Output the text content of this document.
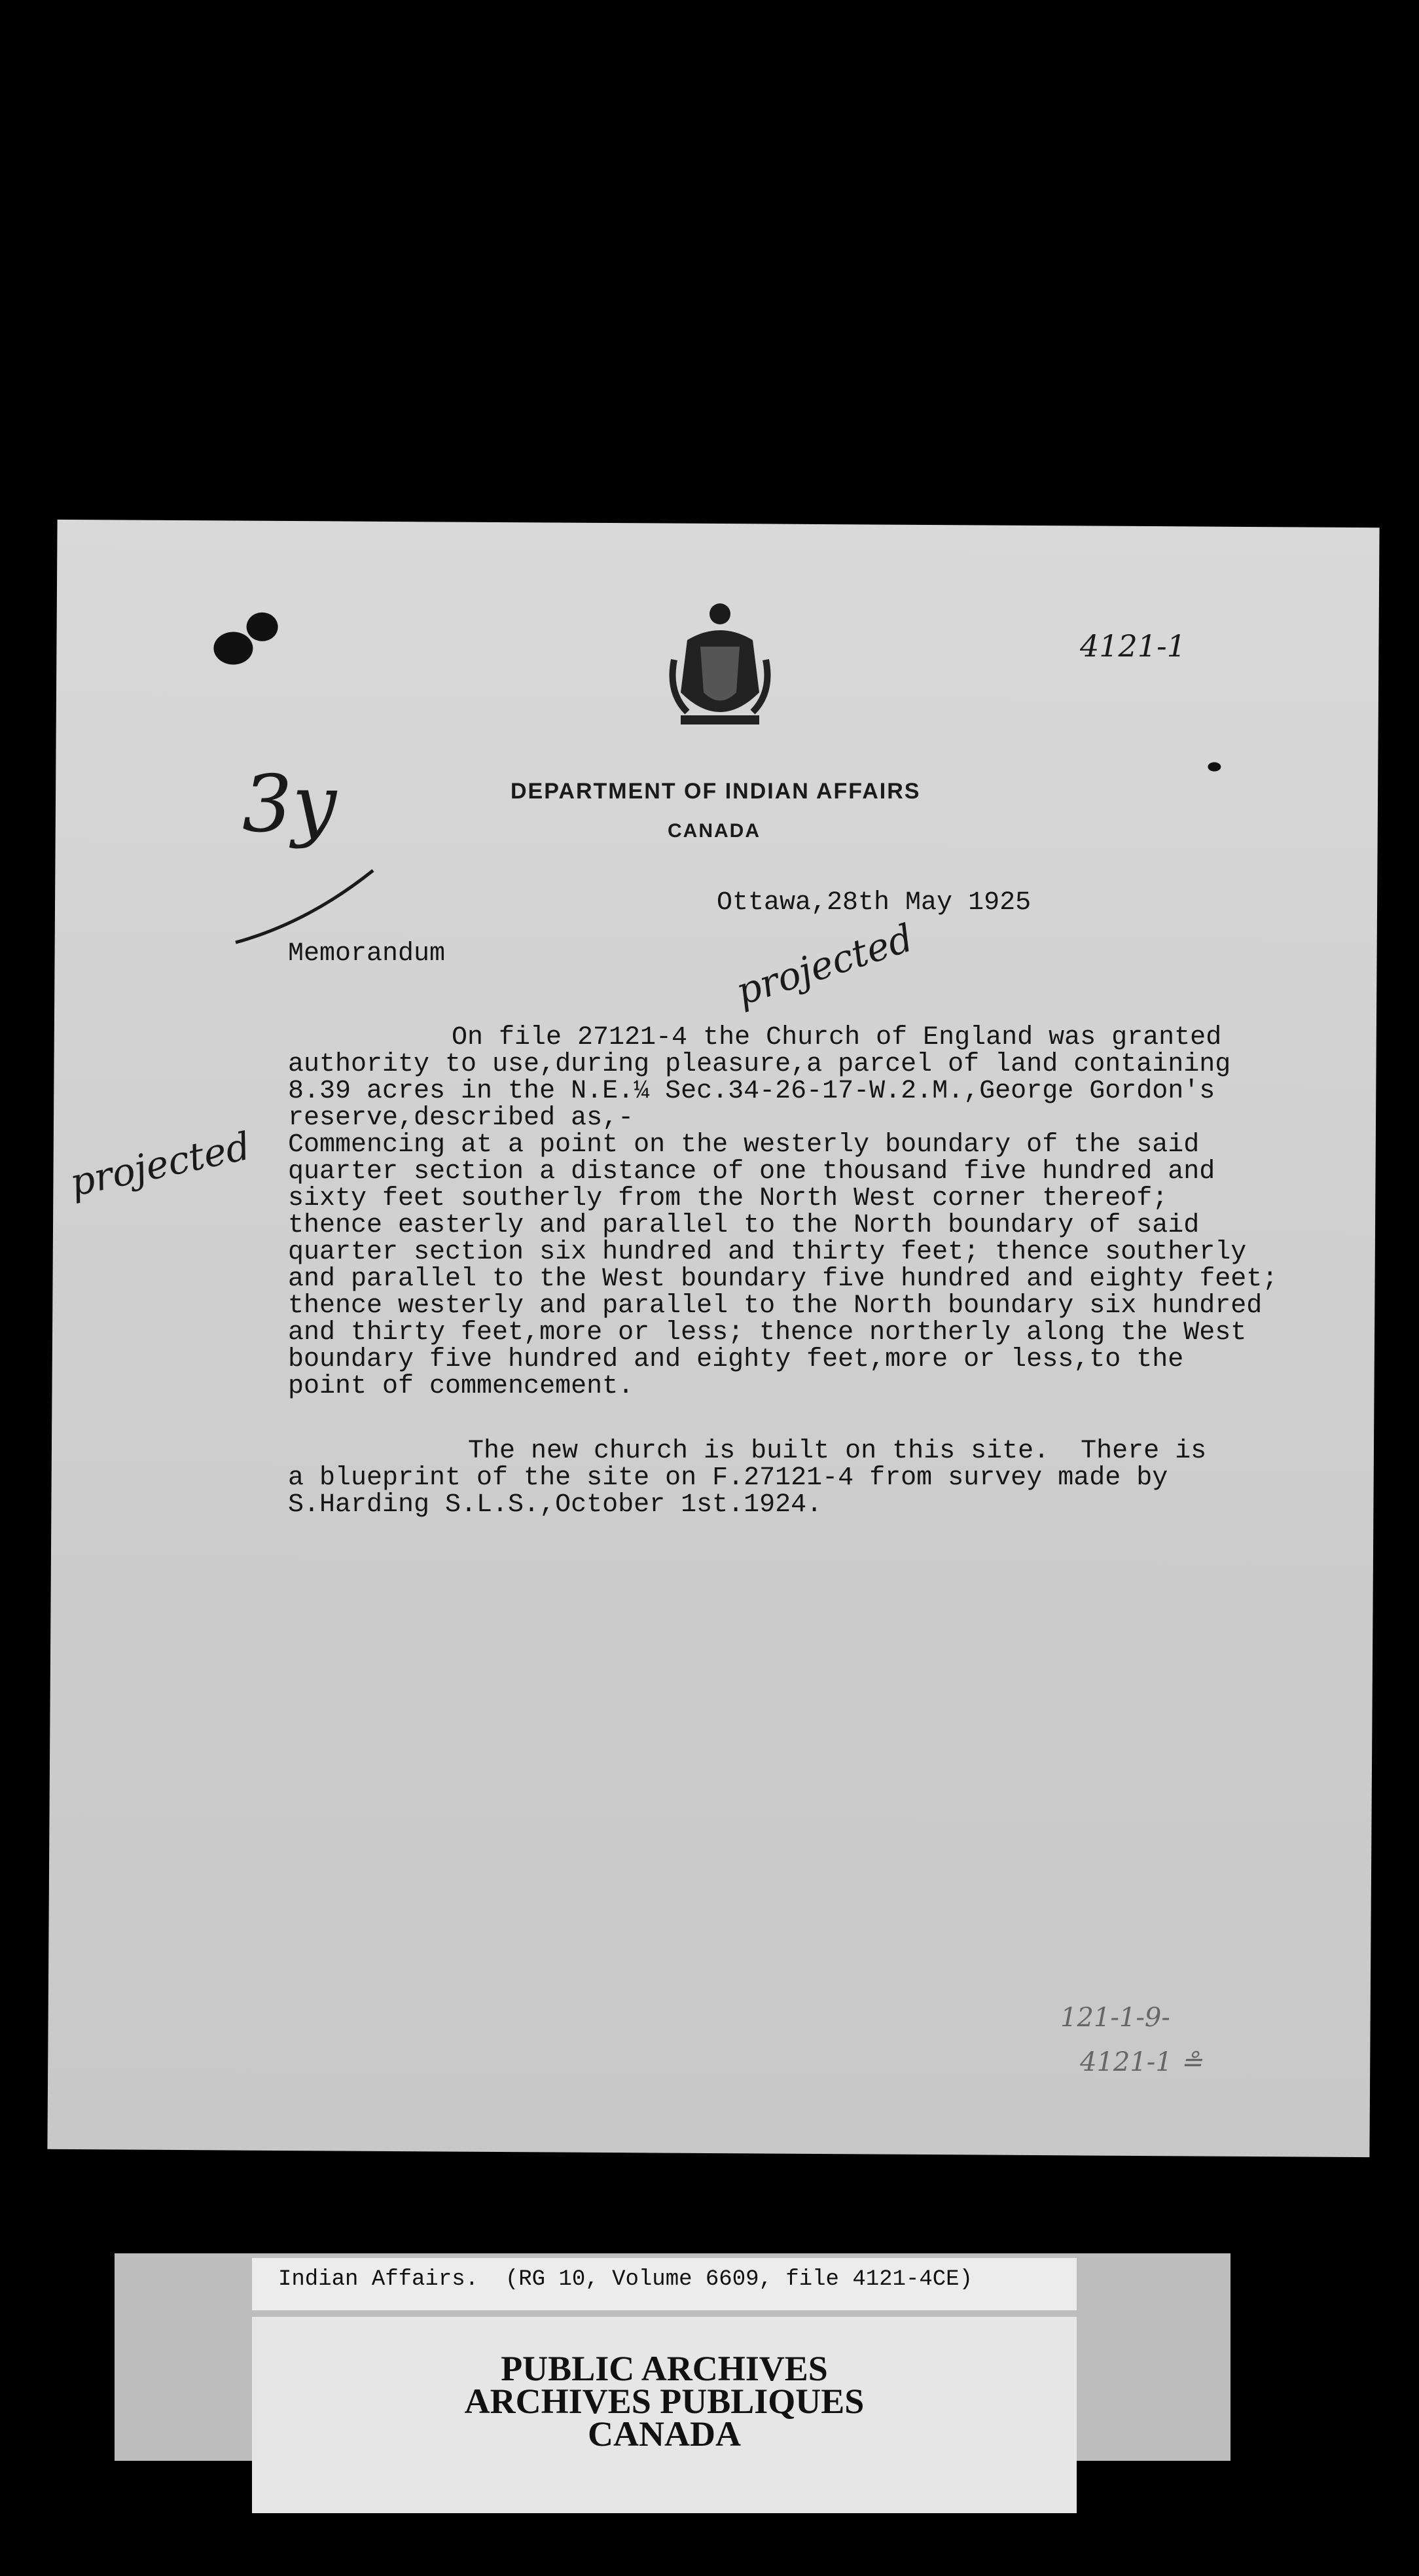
DEPARTMENT OF INDIAN AFFAIRS
CANADA
4121-1
3y
Ottawa,28th May 1925
Memorandum	projected
projected
On file 27121-4 the Church of England was granted
authority to use,during pleasure,a parcel of land containing
8.39 acres in the N.E.¼ Sec.34-26-17-W.2.M.,George Gordon's
reserve,described as,-
Commencing at a point on the westerly boundary of the said
quarter section a distance of one thousand five hundred and
sixty feet southerly from the North West corner thereof;
thence easterly and parallel to the North boundary of said
quarter section six hundred and thirty feet; thence southerly
and parallel to the West boundary five hundred and eighty feet;
thence westerly and parallel to the North boundary six hundred
and thirty feet,more or less; thence northerly along the West
boundary five hundred and eighty feet,more or less,to the
point of commencement.
The new church is built on this site.  There is
a blueprint of the site on F.27121-4 from survey made by
S.Harding S.L.S.,October 1st.1924.
121-1-9-
4121-1 ≗
Indian Affairs.  (RG 10, Volume 6609, file 4121-4CE)
PUBLIC ARCHIVES
ARCHIVES PUBLIQUES
CANADA
